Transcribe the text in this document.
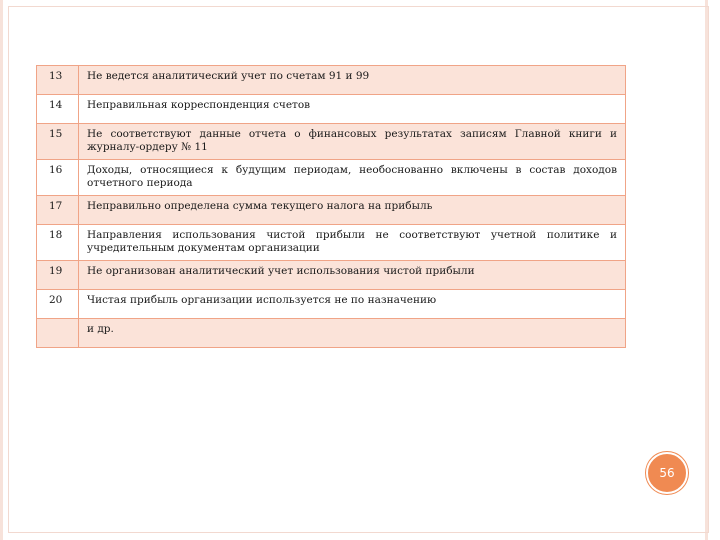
13	Не ведется аналитический учет по счетам 91 и 99
14	Неправильная корреспонденция счетов
15	Не соответствуют данные отчета о финансовых результатах записям Главной книги и журналу-ордеру № 11
16	Доходы, относящиеся к будущим периодам, необоснованно включены в состав доходов отчетного периода
17	Неправильно определена сумма текущего налога на прибыль
18	Направления использования чистой прибыли не соответствуют учетной политике и учредительным документам организации
19	Не организован аналитический учет использования чистой прибыли
20	Чистая прибыль организации используется не по назначению
	и др.
56
